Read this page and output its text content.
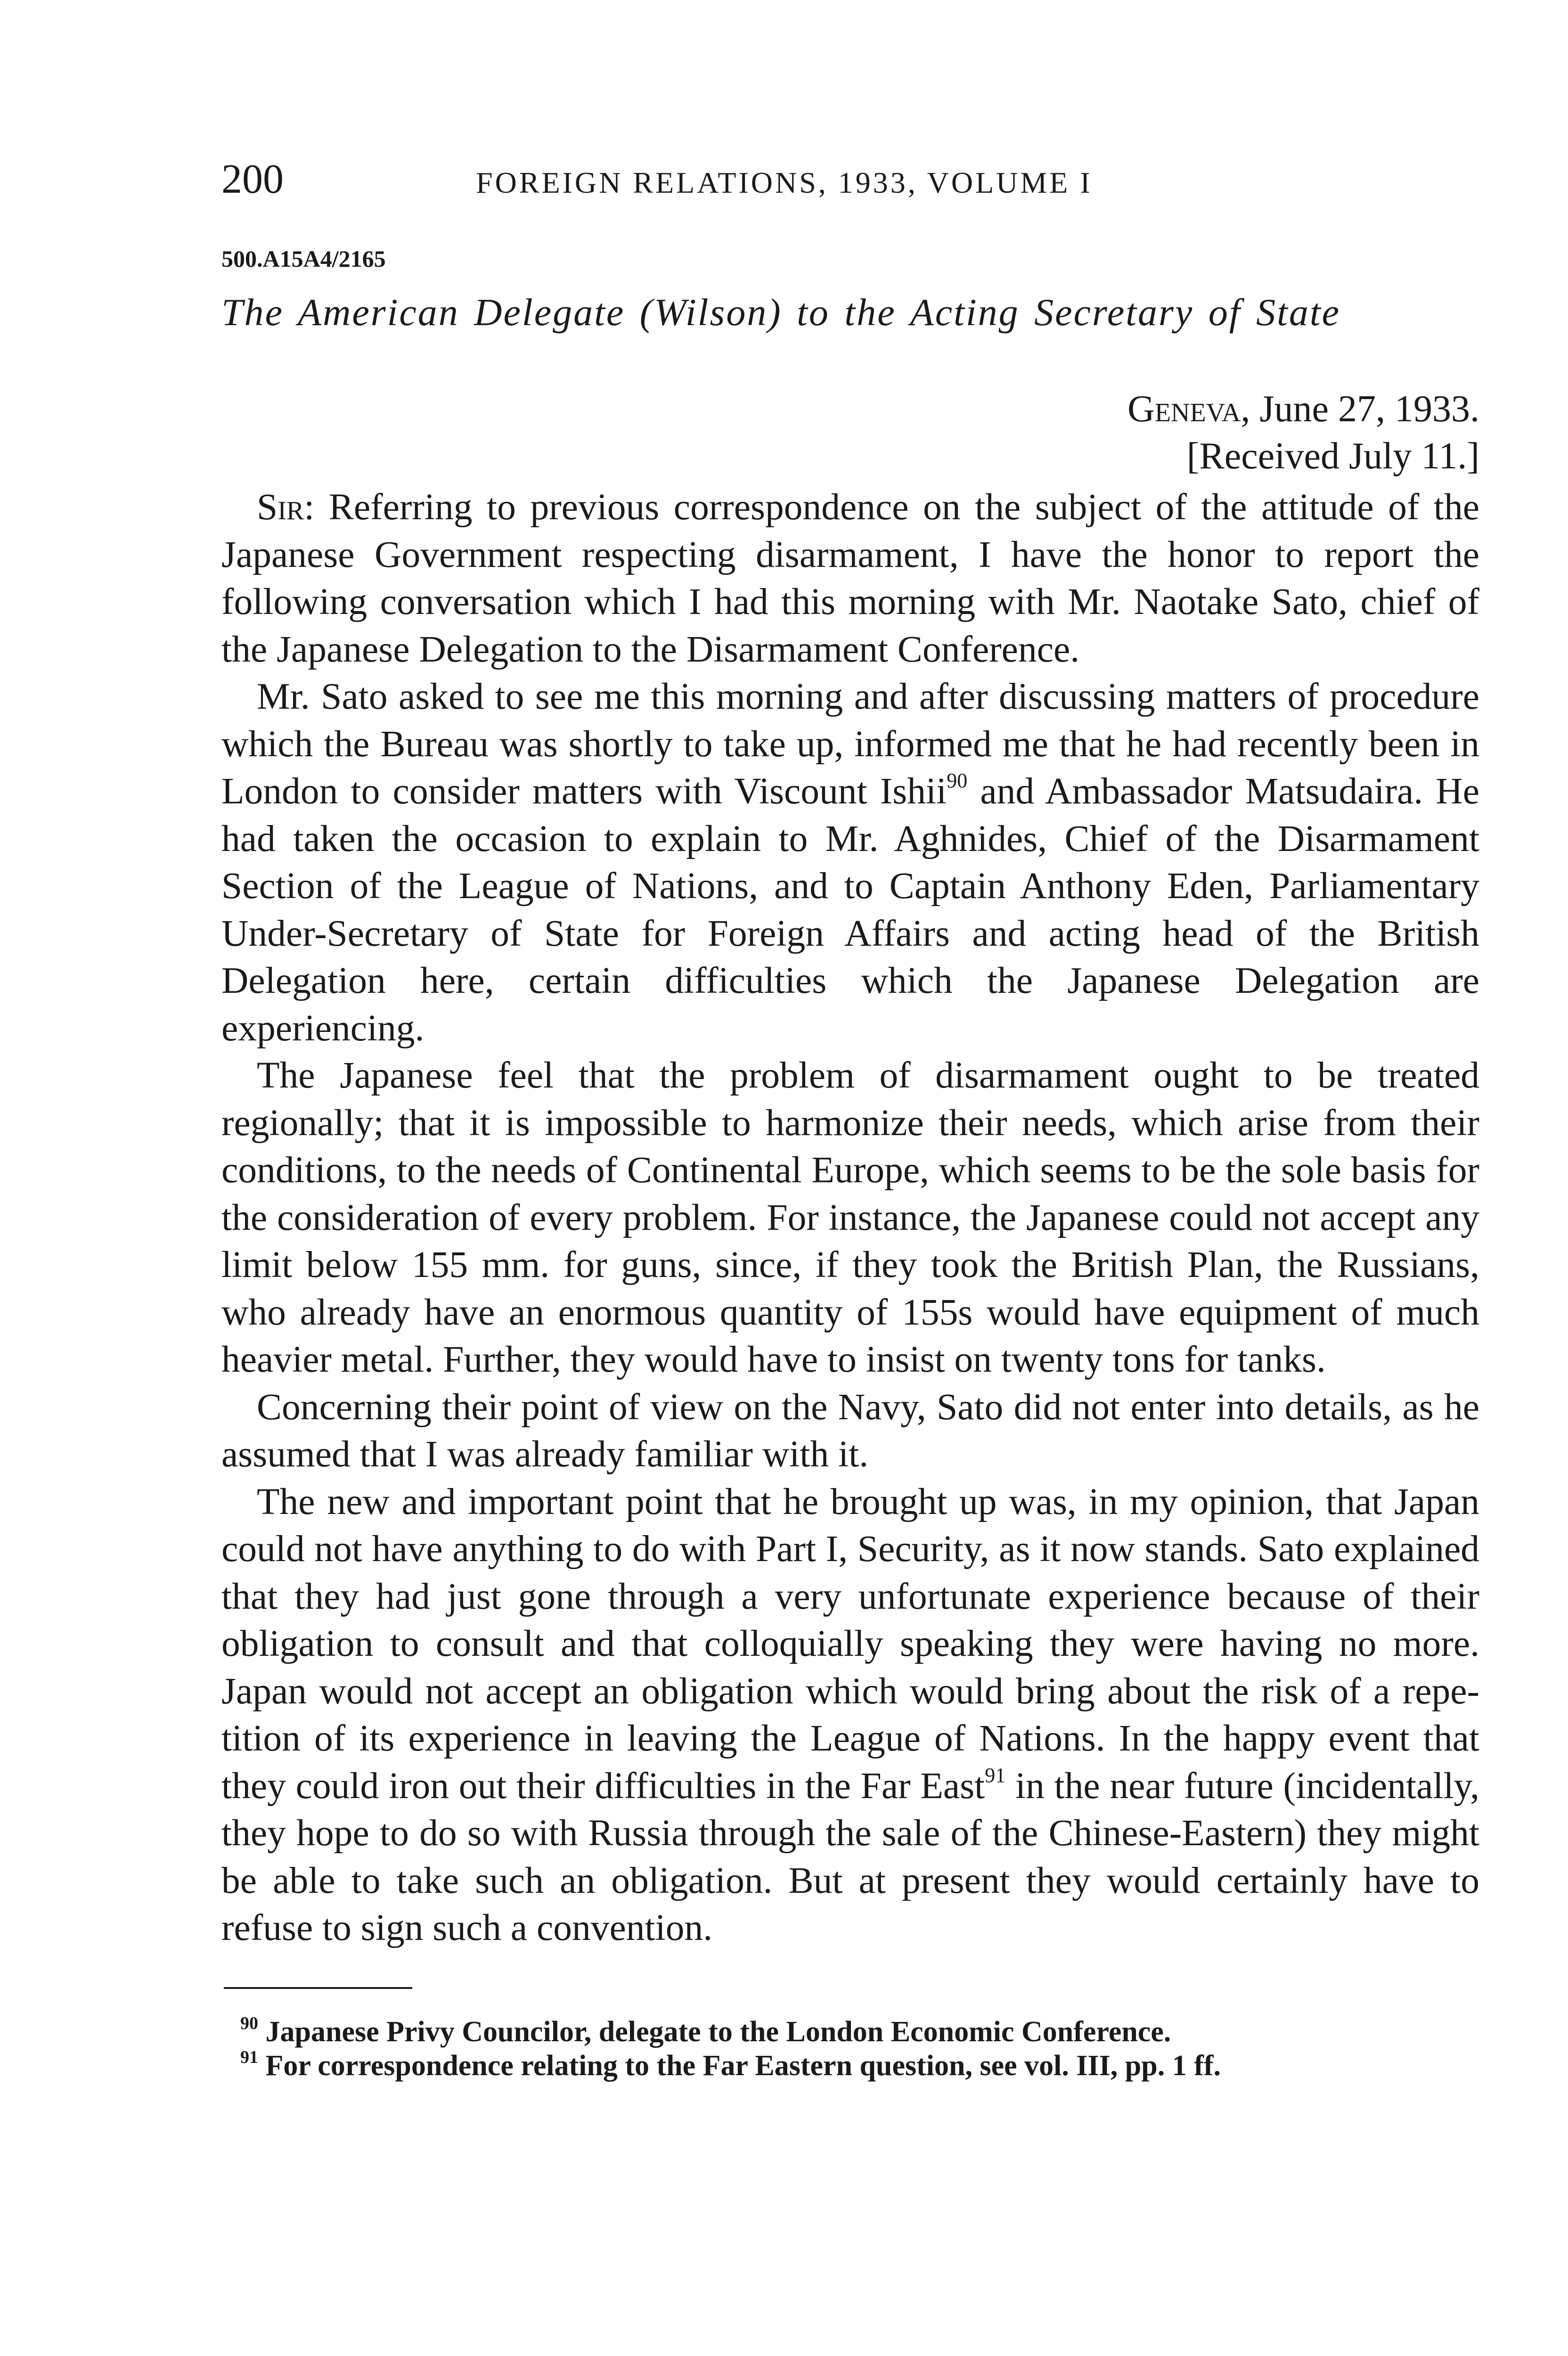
200	FOREIGN RELATIONS, 1933, VOLUME I
500.A15A4/2165
The American Delegate (Wilson) to the Acting Secretary of State
Geneva, June 27, 1933.
[Received July 11.]

Sir: Referring to previous correspondence on the subject of the attitude of the Japanese Government respecting disarmament, I have the honor to report the following conversation which I had this morning with Mr. Naotake Sato, chief of the Japanese Delegation to the Disarmament Conference.

Mr. Sato asked to see me this morning and after discussing matters of procedure which the Bureau was shortly to take up, informed me that he had recently been in London to consider matters with Viscount Ishii$^{90}$ and Ambassador Matsudaira. He had taken the occasion to explain to Mr. Aghnides, Chief of the Disarmament Section of the League of Nations, and to Captain Anthony Eden, Parliamentary Under-Secretary of State for Foreign Affairs and acting head of the British Delegation here, certain difficulties which the Japanese Delegation are experiencing.

The Japanese feel that the problem of disarmament ought to be treated regionally; that it is impossible to harmonize their needs, which arise from their conditions, to the needs of Continental Europe, which seems to be the sole basis for the consideration of every problem. For instance, the Japanese could not accept any limit below 155 mm. for guns, since, if they took the British Plan, the Russians, who already have an enormous quantity of 155s would have equipment of much heavier metal. Further, they would have to insist on twenty tons for tanks.

Concerning their point of view on the Navy, Sato did not enter into details, as he assumed that I was already familiar with it.

The new and important point that he brought up was, in my opinion, that Japan could not have anything to do with Part I, Security, as it now stands. Sato explained that they had just gone through a very unfortunate experience because of their obligation to consult and that colloquially speaking they were having no more. Japan would not accept an obligation which would bring about the risk of a repetition of its experience in leaving the League of Nations. In the happy event that they could iron out their difficulties in the Far East$^{91}$ in the near future (incidentally, they hope to do so with Russia through the sale of the Chinese-Eastern) they might be able to take such an obligation. But at present they would certainly have to refuse to sign such a convention.

$^{90}$ Japanese Privy Councilor, delegate to the London Economic Conference.
$^{91}$ For correspondence relating to the Far Eastern question, see vol. III, pp. 1 ff.
